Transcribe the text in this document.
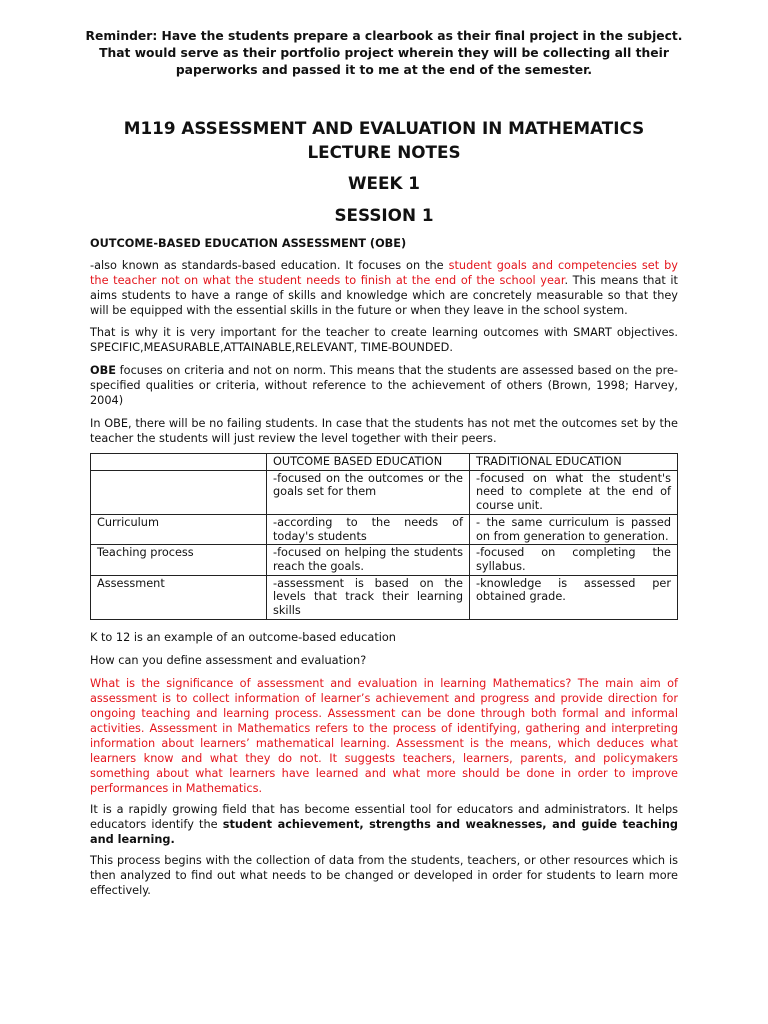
Reminder: Have the students prepare a clearbook as their final project in the subject. That would serve as their portfolio project wherein they will be collecting all their paperworks and passed it to me at the end of the semester.
M119 ASSESSMENT AND EVALUATION IN MATHEMATICS
LECTURE NOTES
WEEK 1
SESSION 1
OUTCOME-BASED EDUCATION ASSESSMENT (OBE)

-also known as standards-based education. It focuses on the student goals and competencies set by the teacher not on what the student needs to finish at the end of the school year. This means that it aims students to have a range of skills and knowledge which are concretely measurable so that they will be equipped with the essential skills in the future or when they leave in the school system.

That is why it is very important for the teacher to create learning outcomes with SMART objectives. SPECIFIC,MEASURABLE,ATTAINABLE,RELEVANT, TIME-BOUNDED.

OBE focuses on criteria and not on norm. This means that the students are assessed based on the pre-specified qualities or criteria, without reference to the achievement of others (Brown, 1998; Harvey, 2004)

In OBE, there will be no failing students. In case that the students has not met the outcomes set by the teacher the students will just review the level together with their peers.

	OUTCOME BASED EDUCATION	TRADITIONAL EDUCATION
	-focused on the outcomes or the goals set for them	-focused on what the student's need to complete at the end of course unit.
Curriculum	-according to the needs of today's students	- the same curriculum is passed on from generation to generation.
Teaching process	-focused on helping the students reach the goals.	-focused on completing the syllabus.
Assessment	-assessment is based on the levels that track their learning skills	-knowledge is assessed per obtained grade.

K to 12 is an example of an outcome-based education

How can you define assessment and evaluation?

What is the significance of assessment and evaluation in learning Mathematics? The main aim of assessment is to collect information of learner’s achievement and progress and provide direction for ongoing teaching and learning process. Assessment can be done through both formal and informal activities. Assessment in Mathematics refers to the process of identifying, gathering and interpreting information about learners’ mathematical learning. Assessment is the means, which deduces what learners know and what they do not. It suggests teachers, learners, parents, and policymakers something about what learners have learned and what more should be done in order to improve performances in Mathematics.

It is a rapidly growing field that has become essential tool for educators and administrators. It helps educators identify the student achievement, strengths and weaknesses, and guide teaching and learning.

This process begins with the collection of data from the students, teachers, or other resources which is then analyzed to find out what needs to be changed or developed in order for students to learn more effectively.
